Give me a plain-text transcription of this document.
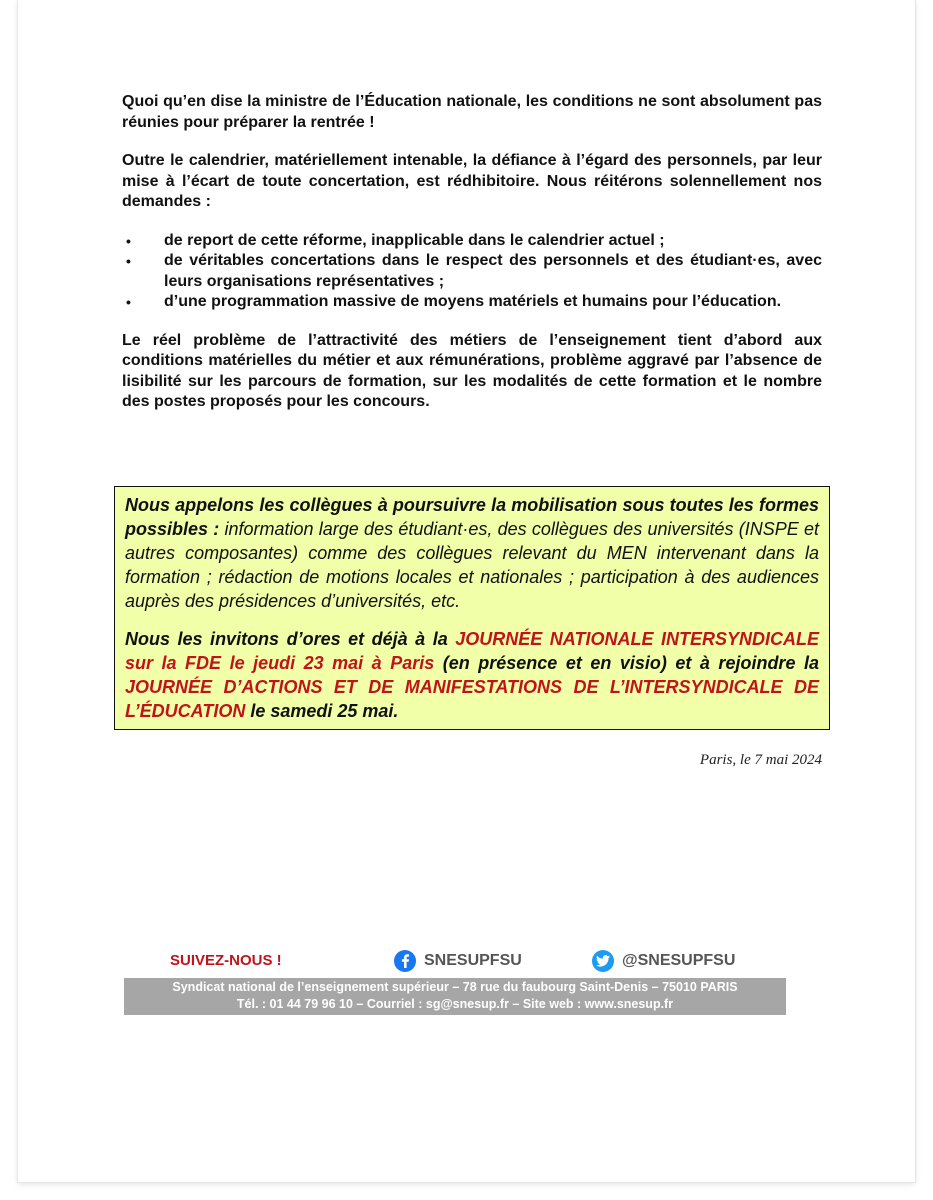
Quoi qu’en dise la ministre de l’Éducation nationale, les conditions ne sont absolument pas réunies pour préparer la rentrée !

Outre le calendrier, matériellement intenable, la défiance à l’égard des personnels, par leur mise à l’écart de toute concertation, est rédhibitoire. Nous réitérons solennellement nos demandes :

• de report de cette réforme, inapplicable dans le calendrier actuel ;
• de véritables concertations dans le respect des personnels et des étudiant·es, avec leurs organisations représentatives ;
• d’une programmation massive de moyens matériels et humains pour l’éducation.

Le réel problème de l’attractivité des métiers de l’enseignement tient d’abord aux conditions matérielles du métier et aux rémunérations, problème aggravé par l’absence de lisibilité sur les parcours de formation, sur les modalités de cette formation et le nombre des postes proposés pour les concours.

Nous appelons les collègues à poursuivre la mobilisation sous toutes les formes possibles : information large des étudiant·es, des collègues des universités (INSPE et autres composantes) comme des collègues relevant du MEN intervenant dans la formation ; rédaction de motions locales et nationales ; participation à des audiences auprès des présidences d’universités, etc.

Nous les invitons d’ores et déjà à la JOURNÉE NATIONALE INTERSYNDICALE sur la FDE le jeudi 23 mai à Paris (en présence et en visio) et à rejoindre la JOURNÉE D’ACTIONS ET DE MANIFESTATIONS DE L’INTERSYNDICALE DE L’ÉDUCATION le samedi 25 mai.

Paris, le 7 mai 2024
SUIVEZ-NOUS !	SNESUPFSU	@SNESUPFSU
Syndicat national de l’enseignement supérieur – 78 rue du faubourg Saint-Denis – 75010 PARIS
Tél. : 01 44 79 96 10 – Courriel : sg@snesup.fr – Site web : www.snesup.fr
